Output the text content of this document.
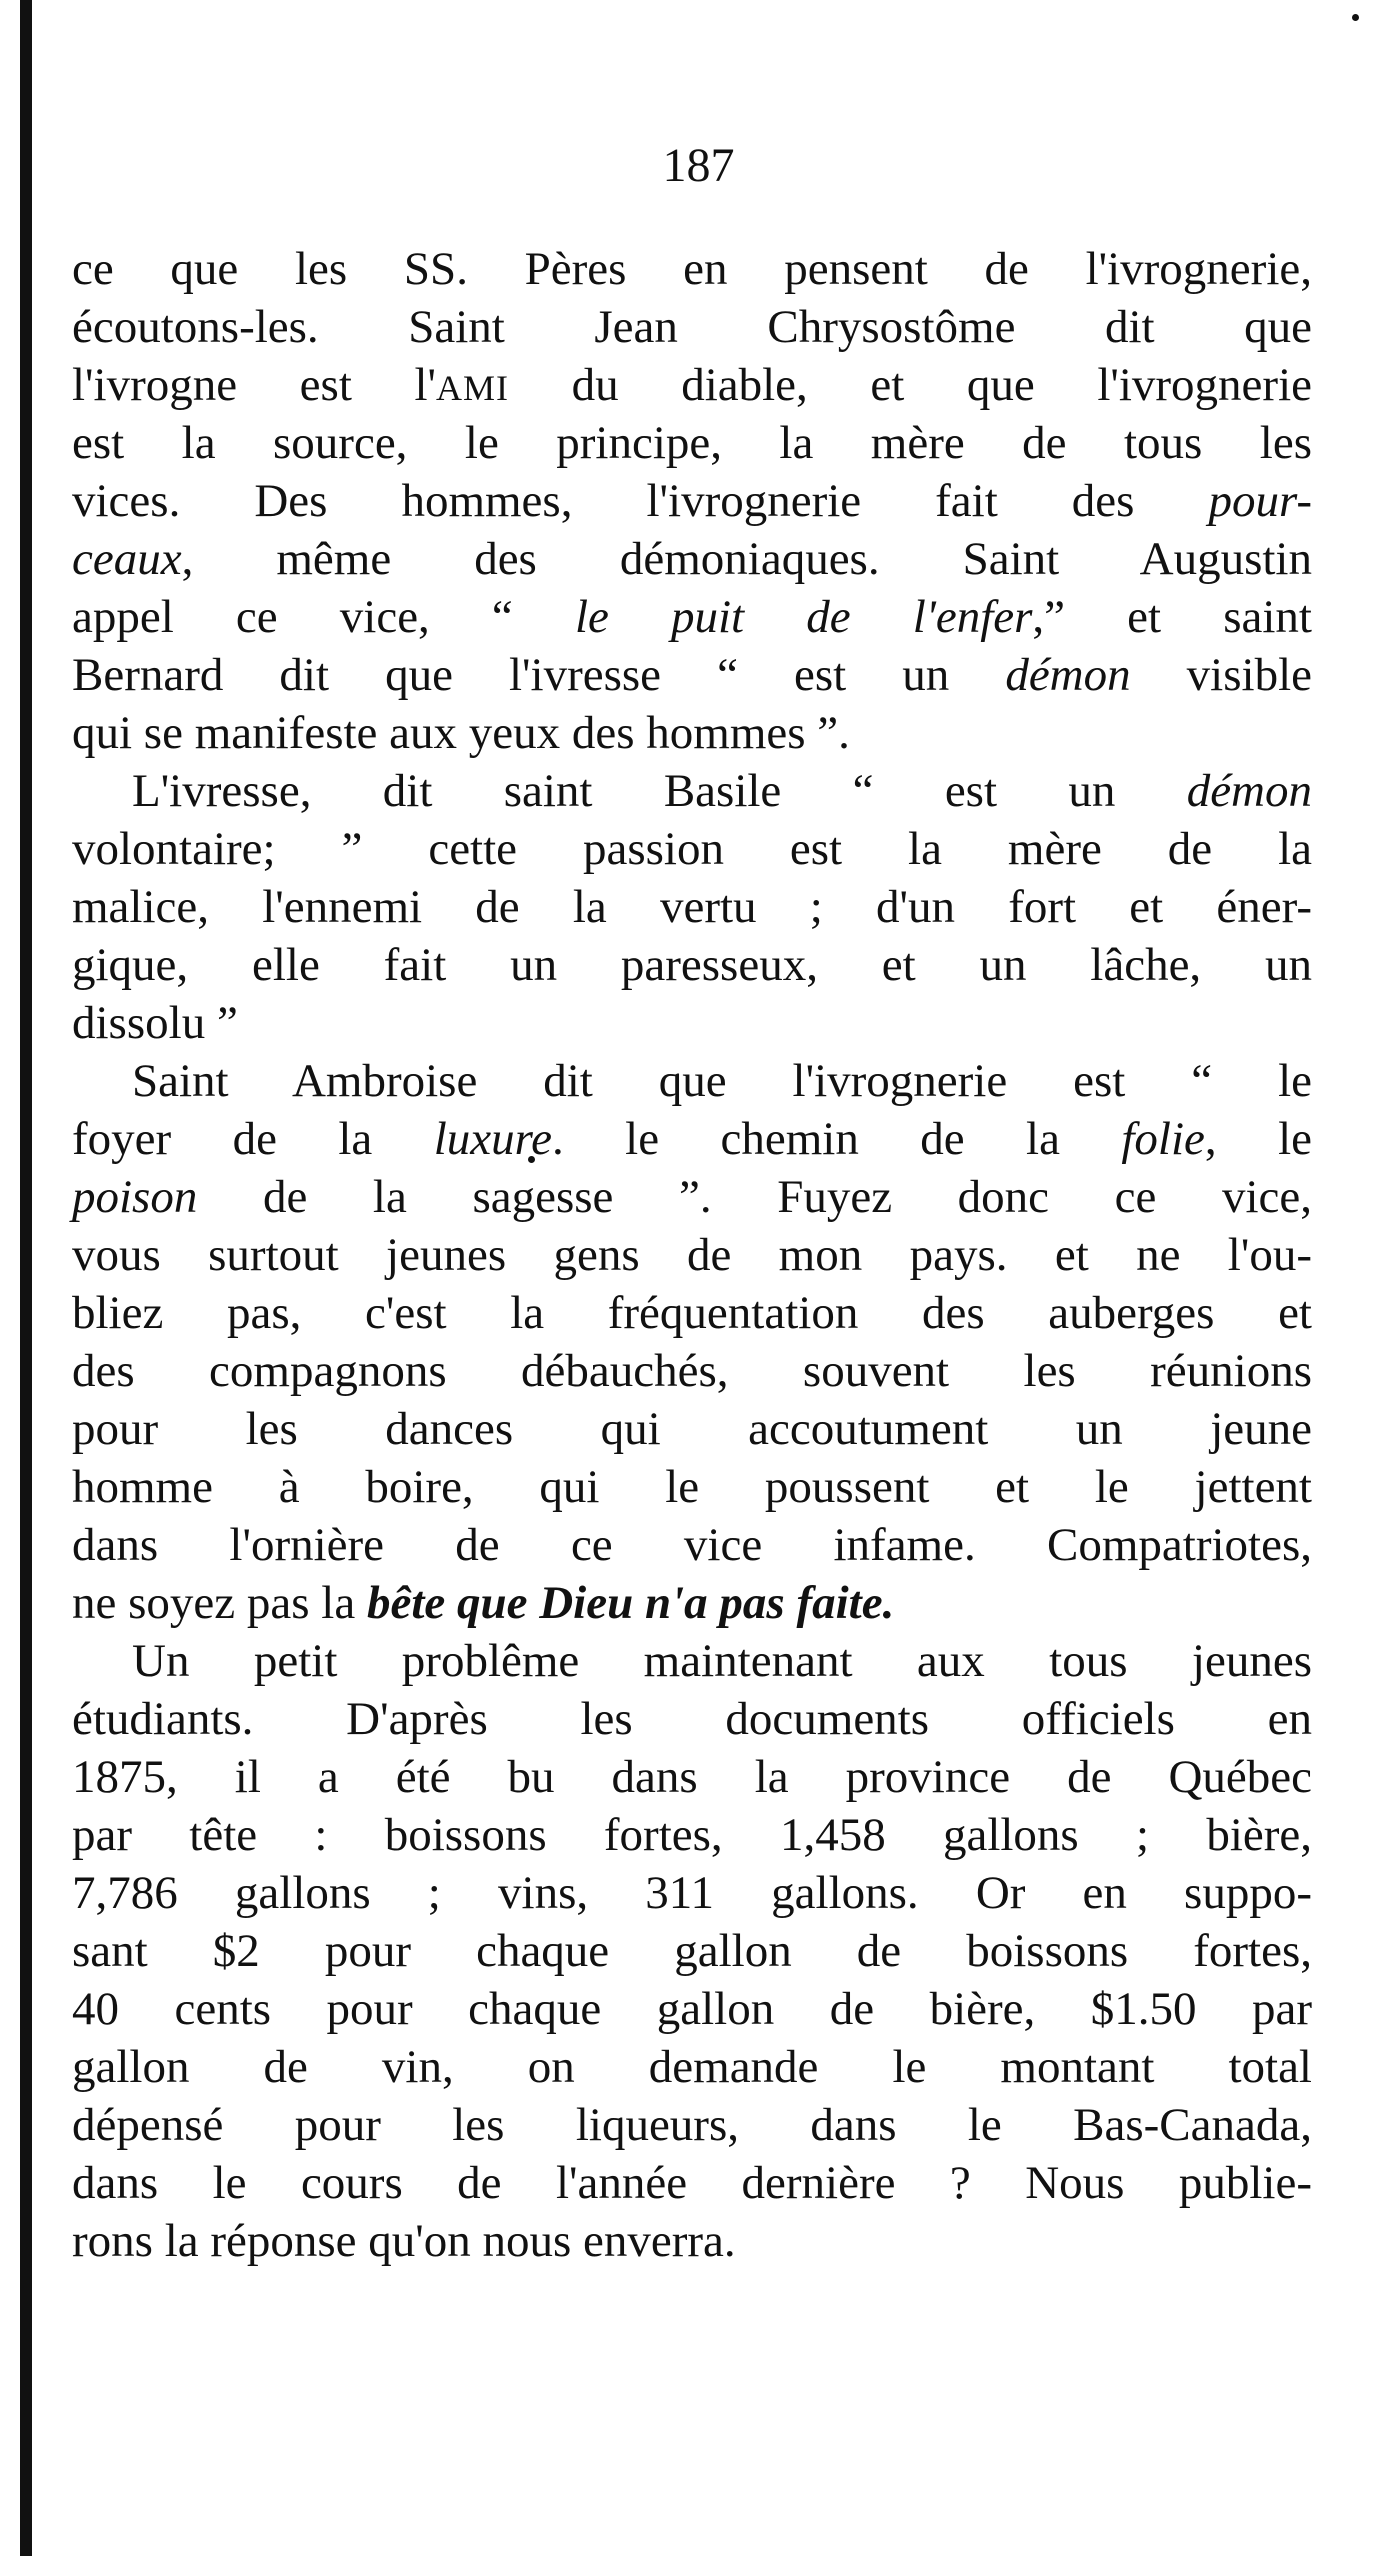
187
ce que les SS. Pères en pensent de l'ivrognerie,
écoutons-les. Saint Jean Chrysostôme dit que
l'ivrogne est l'AMI du diable, et que l'ivrognerie
est la source, le principe, la mère de tous les
vices. Des hommes, l'ivrognerie fait des pour-
ceaux, même des démoniaques. Saint Augustin
appel ce vice, “ le puit de l'enfer,” et saint
Bernard dit que l'ivresse “ est un démon visible
qui se manifeste aux yeux des hommes ”.
L'ivresse, dit saint Basile “ est un démon
volontaire; ” cette passion est la mère de la
malice, l'ennemi de la vertu ; d'un fort et éner-
gique, elle fait un paresseux, et un lâche, un
dissolu ”
Saint Ambroise dit que l'ivrognerie est “ le
foyer de la luxure. le chemin de la folie, le
poison de la sagesse ”. Fuyez donc ce vice,
vous surtout jeunes gens de mon pays. et ne l'ou-
bliez pas, c'est la fréquentation des auberges et
des compagnons débauchés, souvent les réunions
pour les dances qui accoutument un jeune
homme à boire, qui le poussent et le jettent
dans l'ornière de ce vice infame. Compatriotes,
ne soyez pas la bête que Dieu n'a pas faite.
Un petit problême maintenant aux tous jeunes
étudiants. D'après les documents officiels en
1875, il a été bu dans la province de Québec
par tête : boissons fortes, 1,458 gallons ; bière,
7,786 gallons ; vins, 311 gallons. Or en suppo-
sant $2 pour chaque gallon de boissons fortes,
40 cents pour chaque gallon de bière, $1.50 par
gallon de vin, on demande le montant total
dépensé pour les liqueurs, dans le Bas-Canada,
dans le cours de l'année dernière ? Nous publie-
rons la réponse qu'on nous enverra.
